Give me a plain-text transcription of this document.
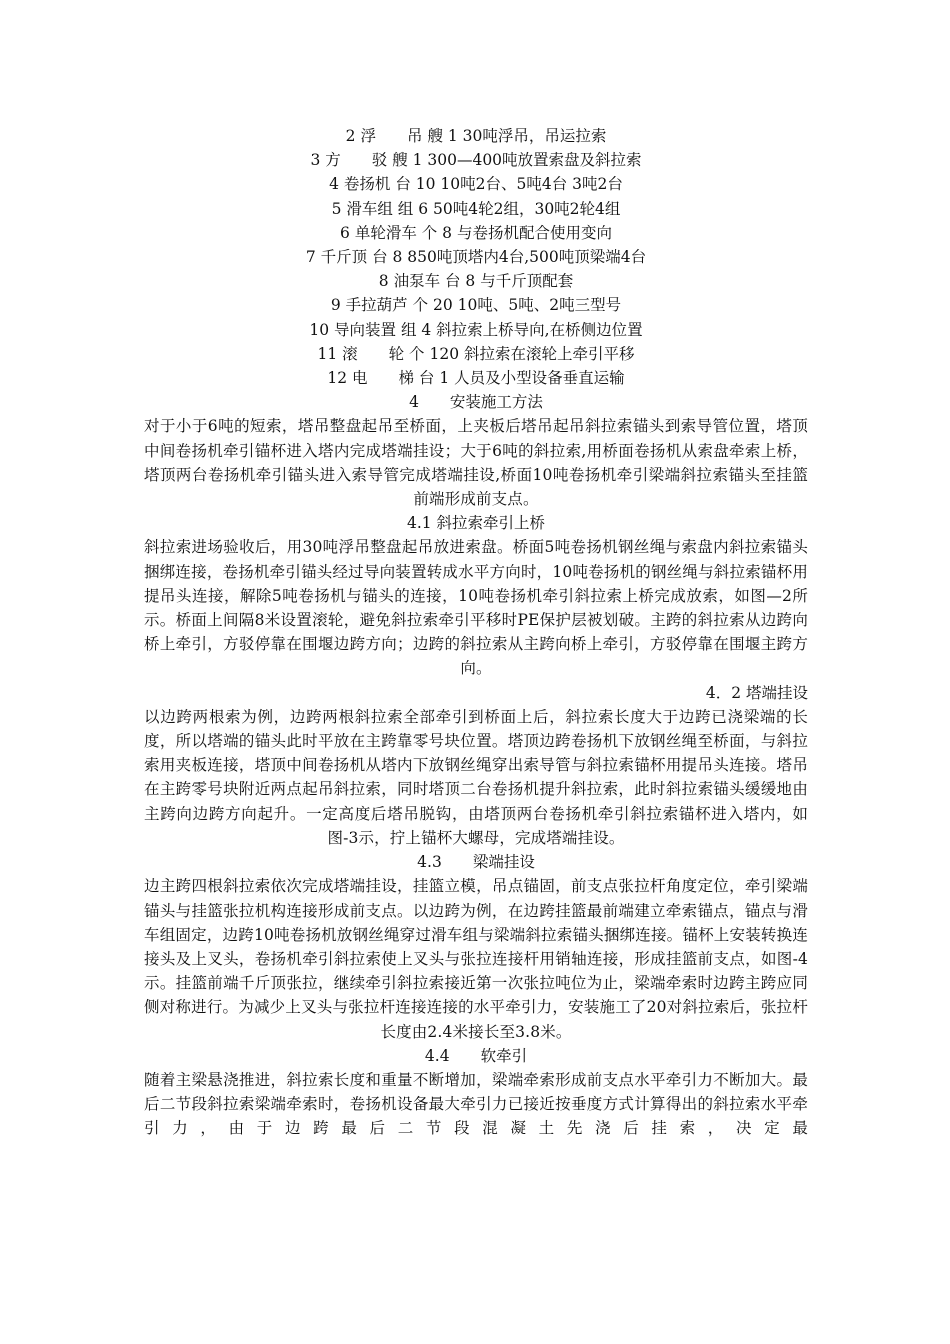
2 浮　　吊 艘 1 30吨浮吊，吊运拉索
3 方　　驳 艘 1 300—400吨放置索盘及斜拉索
4 卷扬机 台 10 10吨2台、5吨4台 3吨2台
5 滑车组 组 6 50吨4轮2组，30吨2轮4组
6 单轮滑车 个 8 与卷扬机配合使用变向
7 千斤顶 台 8 850吨顶塔内4台,500吨顶梁端4台
8 油泵车 台 8 与千斤顶配套
9 手拉葫芦 个 20 10吨、5吨、2吨三型号
10 导向装置 组 4 斜拉索上桥导向,在桥侧边位置
11 滚　　轮 个 120 斜拉索在滚轮上牵引平移
12 电　　梯 台 1 人员及小型设备垂直运输
4　　安装施工方法
对于小于6吨的短索，塔吊整盘起吊至桥面，上夹板后塔吊起吊斜拉索锚头到索导管位置，塔顶中间卷扬机牵引锚杯进入塔内完成塔端挂设；大于6吨的斜拉索,用桥面卷扬机从索盘牵索上桥，塔顶两台卷扬机牵引锚头进入索导管完成塔端挂设,桥面10吨卷扬机牵引梁端斜拉索锚头至挂篮前端形成前支点。
4.1 斜拉索牵引上桥
斜拉索进场验收后，用30吨浮吊整盘起吊放进索盘。桥面5吨卷扬机钢丝绳与索盘内斜拉索锚头捆绑连接，卷扬机牵引锚头经过导向装置转成水平方向时，10吨卷扬机的钢丝绳与斜拉索锚杯用提吊头连接，解除5吨卷扬机与锚头的连接，10吨卷扬机牵引斜拉索上桥完成放索，如图—2所示。桥面上间隔8米设置滚轮，避免斜拉索牵引平移时PE保护层被划破。主跨的斜拉索从边跨向桥上牵引，方驳停靠在围堰边跨方向；边跨的斜拉索从主跨向桥上牵引，方驳停靠在围堰主跨方向。
4．2 塔端挂设
以边跨两根索为例，边跨两根斜拉索全部牵引到桥面上后，斜拉索长度大于边跨已浇梁端的长度，所以塔端的锚头此时平放在主跨靠零号块位置。塔顶边跨卷扬机下放钢丝绳至桥面，与斜拉索用夹板连接，塔顶中间卷扬机从塔内下放钢丝绳穿出索导管与斜拉索锚杯用提吊头连接。塔吊在主跨零号块附近两点起吊斜拉索，同时塔顶二台卷扬机提升斜拉索，此时斜拉索锚头缓缓地由主跨向边跨方向起升。一定高度后塔吊脱钩，由塔顶两台卷扬机牵引斜拉索锚杯进入塔内，如图-3示，拧上锚杯大螺母，完成塔端挂设。
4.3　　梁端挂设
边主跨四根斜拉索依次完成塔端挂设，挂篮立模，吊点锚固，前支点张拉杆角度定位，牵引梁端锚头与挂篮张拉机构连接形成前支点。以边跨为例，在边跨挂篮最前端建立牵索锚点，锚点与滑车组固定，边跨10吨卷扬机放钢丝绳穿过滑车组与梁端斜拉索锚头捆绑连接。锚杯上安装转换连接头及上叉头，卷扬机牵引斜拉索使上叉头与张拉连接杆用销轴连接，形成挂篮前支点，如图-4示。挂篮前端千斤顶张拉，继续牵引斜拉索接近第一次张拉吨位为止，梁端牵索时边跨主跨应同侧对称进行。为减少上叉头与张拉杆连接连接的水平牵引力，安装施工了20对斜拉索后，张拉杆长度由2.4米接长至3.8米。
4.4　　软牵引
随着主梁悬浇推进，斜拉索长度和重量不断增加，梁端牵索形成前支点水平牵引力不断加大。最后二节段斜拉索梁端牵索时，卷扬机设备最大牵引力已接近按垂度方式计算得出的斜拉索水平牵引力，由于边跨最后二节段混凝土先浇后挂索，决定最
